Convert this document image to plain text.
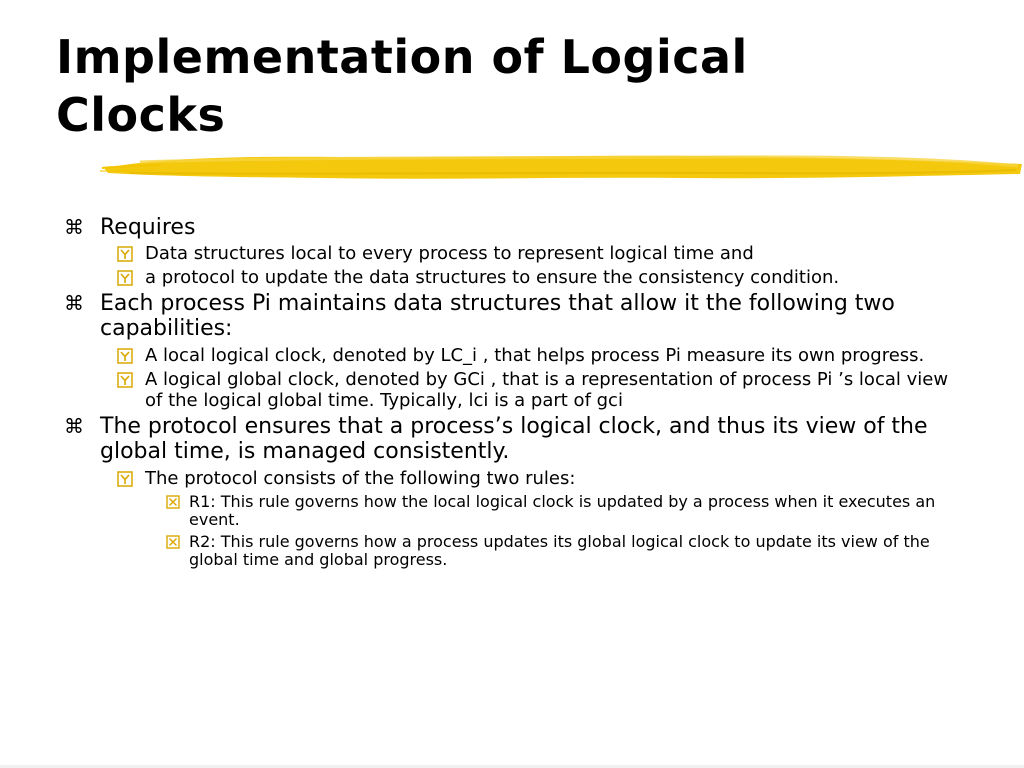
Implementation of Logical
Clocks
⌘ Requires
Data structures local to every process to represent logical time and
a protocol to update the data structures to ensure the consistency condition.
⌘ Each process Pi maintains data structures that allow it the following two capabilities:
A local logical clock, denoted by LC_i , that helps process Pi measure its own progress.
A logical global clock, denoted by GCi , that is a representation of process Pi ’s local view of the logical global time. Typically, lci is a part of gci
⌘ The protocol ensures that a process’s logical clock, and thus its view of the global time, is managed consistently.
The protocol consists of the following two rules:
R1: This rule governs how the local logical clock is updated by a process when it executes an event.
R2: This rule governs how a process updates its global logical clock to update its view of the global time and global progress.
